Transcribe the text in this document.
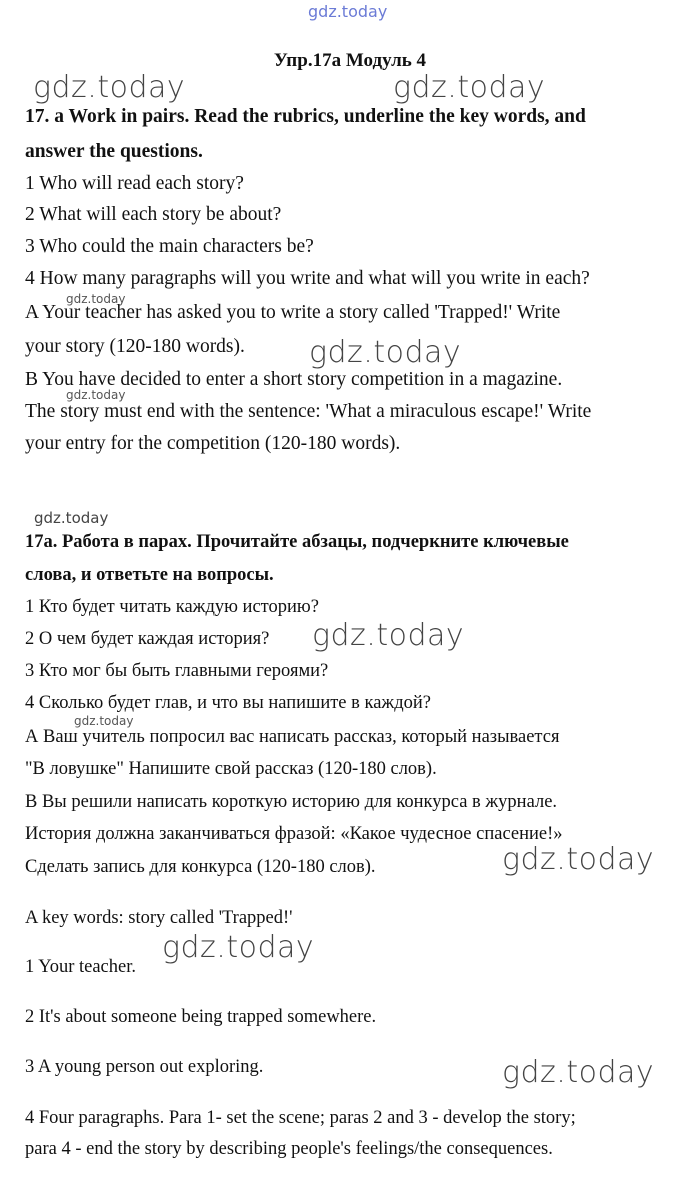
gdz.today
Упр.17а Модуль 4
17. a Work in pairs. Read the rubrics, underline the key words, and
answer the questions.
1 Who will read each story?
2 What will each story be about?
3 Who could the main characters be?
4 How many paragraphs will you write and what will you write in each?
A Your teacher has asked you to write a story called 'Trapped!' Write
your story (120-180 words).
B You have decided to enter a short story competition in a magazine.
The story must end with the sentence: 'What a miraculous escape!' Write
your entry for the competition (120-180 words).
17а. Работа в парах. Прочитайте абзацы, подчеркните ключевые
слова, и ответьте на вопросы.
1 Кто будет читать каждую историю?
2 О чем будет каждая история?
3 Кто мог бы быть главными героями?
4 Сколько будет глав, и что вы напишите в каждой?
А Ваш учитель попросил вас написать рассказ, который называется
"В ловушке" Напишите свой рассказ (120-180 слов).
В Вы решили написать короткую историю для конкурса в журнале.
История должна заканчиваться фразой: «Какое чудесное спасение!»
Сделать запись для конкурса (120-180 слов).
A key words: story called 'Trapped!'
1 Your teacher.
2 It's about someone being trapped somewhere.
3 A young person out exploring.
4 Four paragraphs. Para 1- set the scene; paras 2 and 3 - develop the story;
para 4 - end the story by describing people's feelings/the consequences.
gdz.today	gdz.today
gdz.today
gdz.today
gdz.today
gdz.today
gdz.today
gdz.today
gdz.today
gdz.today
gdz.today
